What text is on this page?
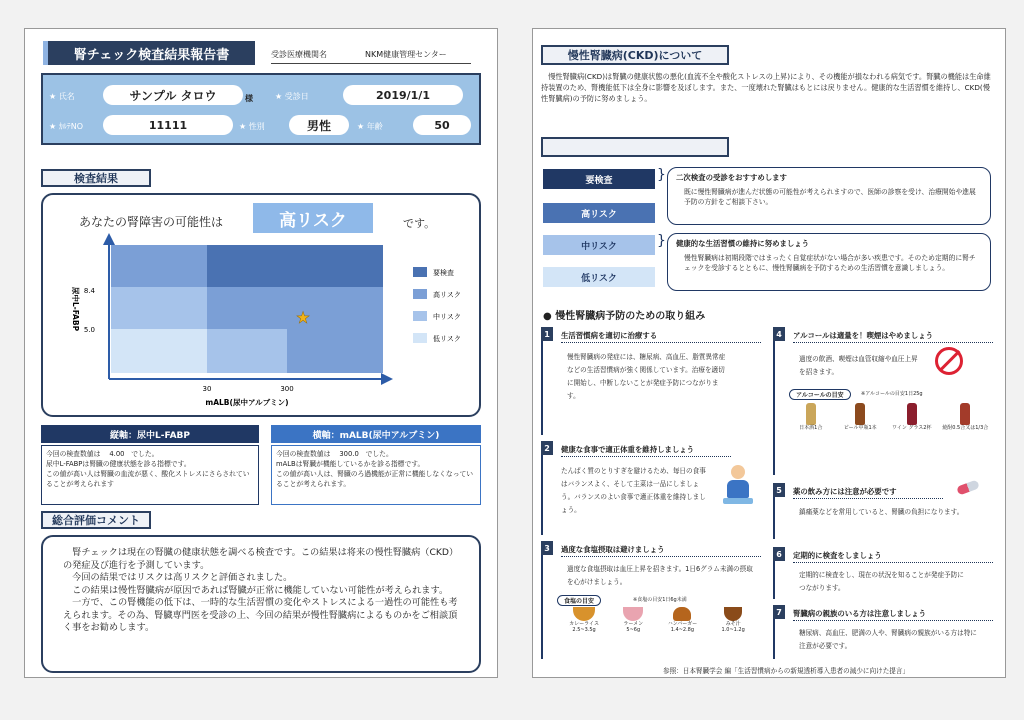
腎チェック検査結果報告書	受診医療機関名	NKM健康管理センター
★ 氏名	サンプル タロウ	様	★ 受診日	2019/1/1
★ ｶﾙﾃNO	11111	★ 性別	男性	★ 年齢	50
検査結果
あなたの腎障害の可能性は	高リスク	です。
8.4
5.0
30	300
mALB(尿中アルブミン)
尿中L-FABP	★
要検査
高リスク
中リスク
低リスク
縦軸：尿中L-FABP
今回の検査数値は　 4.00　でした。
尿中L-FABPは腎臓の健康状態を診る指標です。
この値が高い人は腎臓の血流が悪く、酸化ストレスにさらされていることが考えられます
横軸：mALB(尿中アルブミン)
今回の検査数値は　 300.0　でした。
mALBは腎臓が機能しているかを診る指標です。
この値が高い人は、腎臓のろ過機能が正常に機能しなくなっていることが考えられます。
総合評価コメント
　腎チェックは現在の腎臓の健康状態を調べる検査です。この結果は将来の慢性腎臓病（CKD）の発症及び進行を予測しています。
　今回の結果ではリスクは高リスクと評価されました。
　この結果は慢性腎臓病が原因であれば腎臓が正常に機能していない可能性が考えられます。
　一方で、この腎機能の低下は、一時的な生活習慣の変化やストレスによる一過性の可能性も考えられます。その為、腎臓専門医を受診の上、今回の結果が慢性腎臓病によるものかをご相談頂く事をお勧めします。
慢性腎臓病(CKD)について
　慢性腎臓病(CKD)は腎臓の健康状態の悪化(血流不全や酸化ストレスの上昇)により、その機能が損なわれる病気です。腎臓の機能は生命維持装置のため、腎機能低下は全身に影響を及ぼします。また、一度壊れた腎臓はもとには戻りません。健康的な生活習慣を維持し、CKD(慢性腎臓病)の予防に努めましょう。
要検査
高リスク
中リスク
低リスク
}
}
二次検査の受診をおすすめします
既に慢性腎臓病が進んだ状態の可能性が考えられますので、医師の診察を受け、治療開始や進展予防の方針をご相談下さい。
健康的な生活習慣の維持に努めましょう
慢性腎臓病は初期段階ではまったく自覚症状がない場合が多い疾患です。そのため定期的に腎チェックを受診するとともに、慢性腎臓病を予防するための生活習慣を意識しましょう。
● 慢性腎臓病予防のための取り組み
1	生活習慣病を適切に治療する
慢性腎臓病の発症には、糖尿病、高血圧、脂質異常症などの生活習慣病が強く関係しています。治療を適切に開始し、中断しないことが発症予防につながります。
2	健康な食事で適正体重を維持しましょう
たんぱく質のとりすぎを避けるため、毎日の食事はバランスよく、そして主菜は一品にしましょう。バランスのよい食事で適正体重を維持しましょう。
3	過度な食塩摂取は避けましょう
過度な食塩摂取は血圧上昇を招きます。1日6グラム未満の摂取を心がけましょう。
食塩の目安	※食塩の目安1日6g未満
カレーライス
2.5~3.5g
ラーメン
5~6g
ハンバーガー
1.4~2.8g
みそ汁
1.0~1.2g
4	アルコールは適量を！喫煙はやめましょう
過度の飲酒、喫煙は血管収縮や血圧上昇を招きます。
アルコールの目安	※アルコールの目安1日25g
日本酒1合	ビール中瓶1本	ワイン グラス2杯	焼酎0.5合又は1/3合
5	薬の飲み方には注意が必要です
鎮痛薬などを常用していると、腎臓の負担になります。
6	定期的に検査をしましょう
定期的に検査をし、現在の状況を知ることが発症予防につながります。
7	腎臓病の親族のいる方は注意しましょう
糖尿病、高血圧、肥満の人や、腎臓病の親族がいる方は特に注意が必要です。
参照：日本腎臓学会 編「生活習慣病からの新規透析導入患者の減少に向けた提言」
